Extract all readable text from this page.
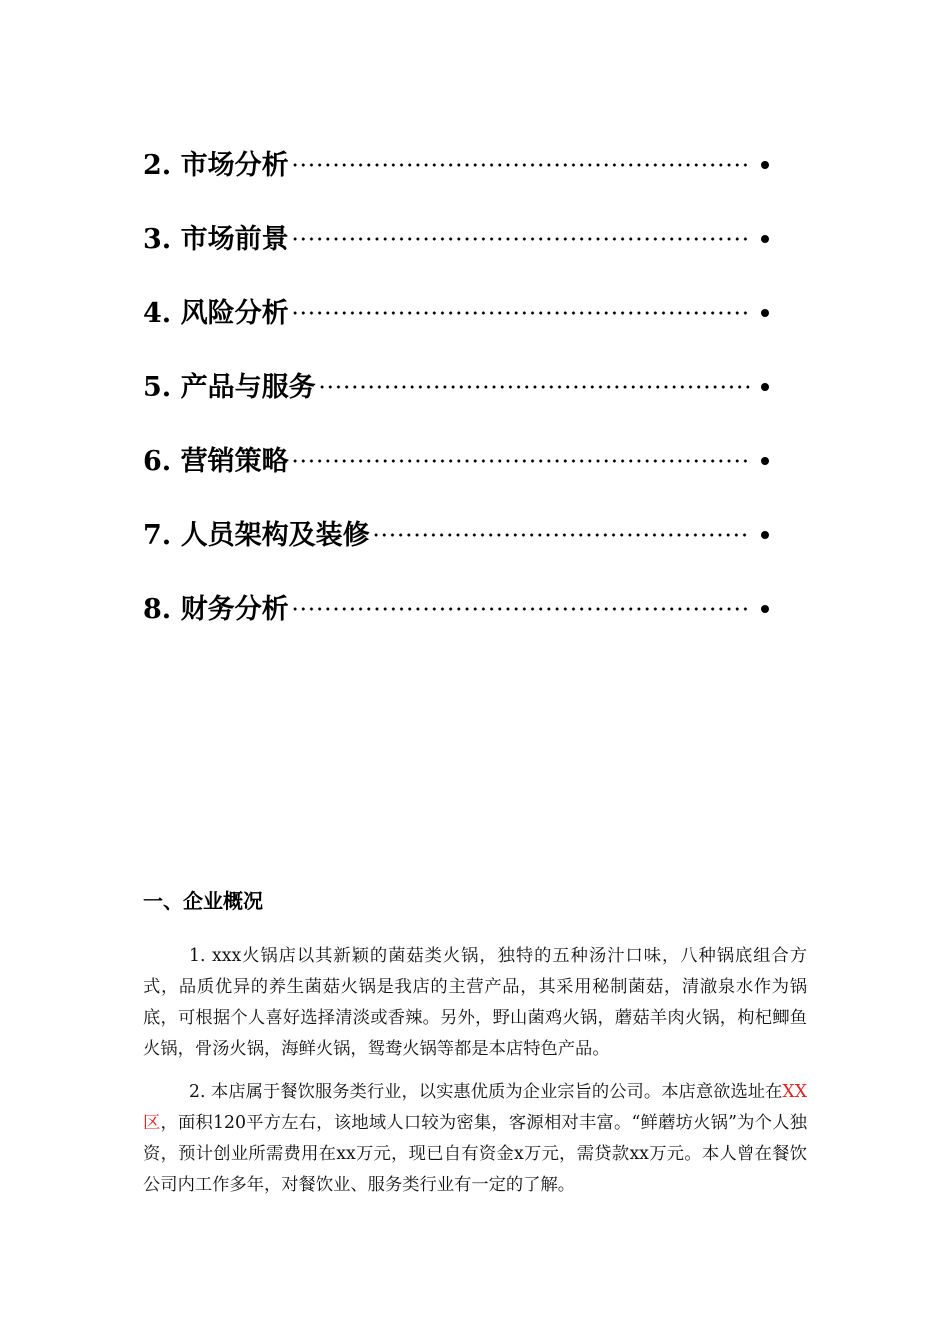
2. 市场分析
3. 市场前景
4. 风险分析
5. 产品与服务
6. 营销策略
7. 人员架构及装修
8. 财务分析
一、企业概况

1. xxx火锅店以其新颖的菌菇类火锅，独特的五种汤汁口味，八种锅底组合方式，品质优异的养生菌菇火锅是我店的主营产品，其采用秘制菌菇，清澈泉水作为锅底，可根据个人喜好选择清淡或香辣。另外，野山菌鸡火锅，蘑菇羊肉火锅，枸杞鲫鱼火锅，骨汤火锅，海鲜火锅，鸳鸯火锅等都是本店特色产品。

2. 本店属于餐饮服务类行业，以实惠优质为企业宗旨的公司。本店意欲选址在XX区，面积120平方左右，该地域人口较为密集，客源相对丰富。“鲜蘑坊火锅”为个人独资，预计创业所需费用在xx万元，现已自有资金x万元，需贷款xx万元。本人曾在餐饮公司内工作多年，对餐饮业、服务类行业有一定的了解。
